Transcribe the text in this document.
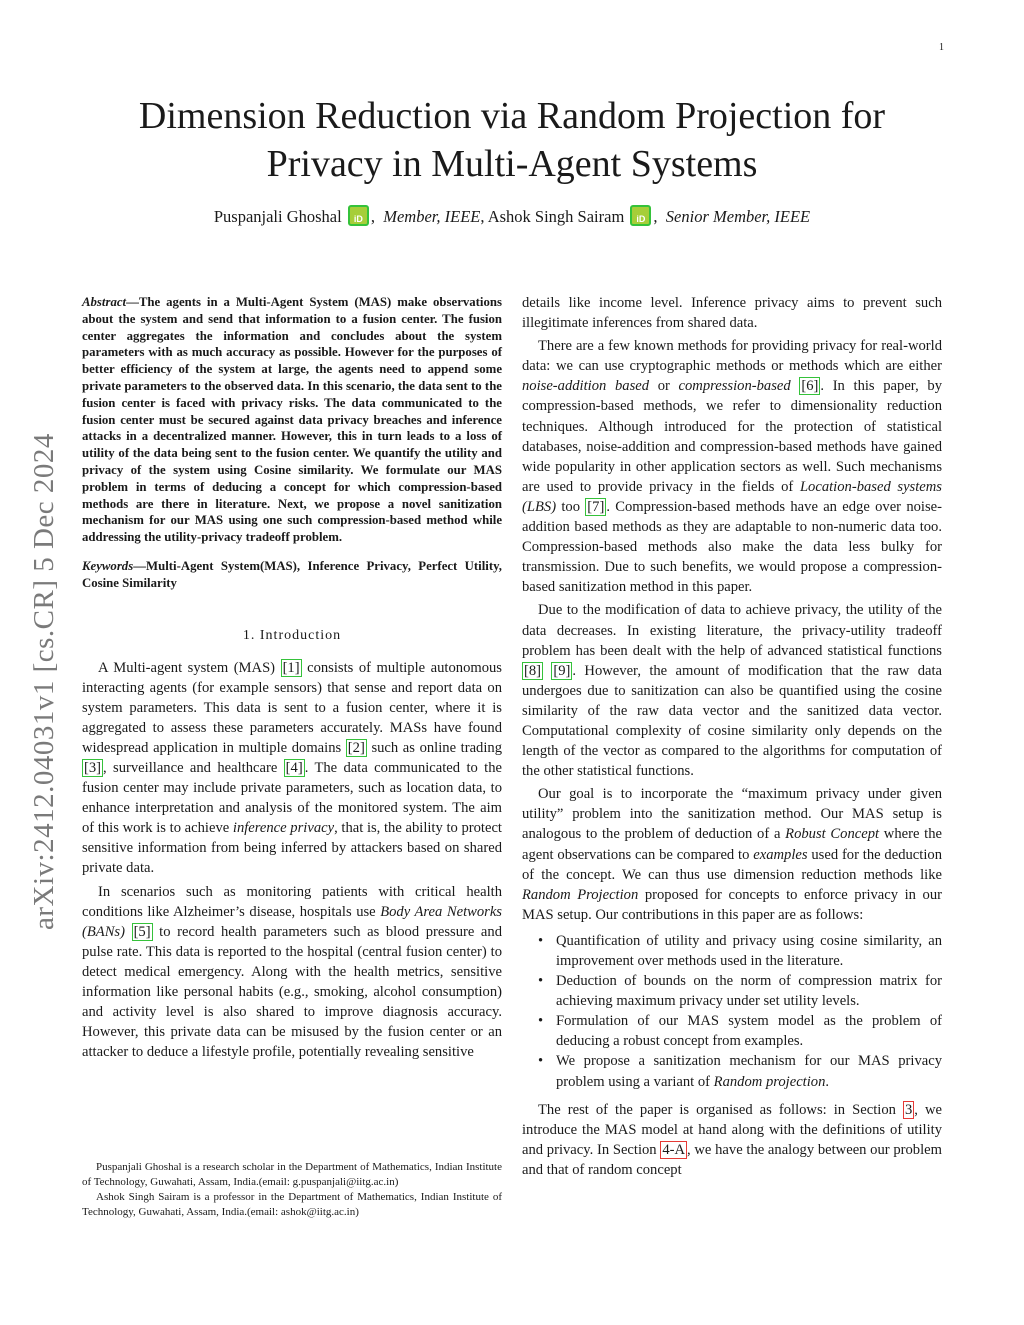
1
arXiv:2412.04031v1 [cs.CR] 5 Dec 2024
Dimension Reduction via Random Projection for Privacy in Multi-Agent Systems
Puspanjali Ghoshal iD ,  Member, IEEE, Ashok Singh Sairam iD ,  Senior Member, IEEE

Abstract—The agents in a Multi-Agent System (MAS) make observations about the system and send that information to a fusion center. The fusion center aggregates the information and concludes about the system parameters with as much accuracy as possible. However for the purposes of better efficiency of the system at large, the agents need to append some private parameters to the observed data. In this scenario, the data sent to the fusion center is faced with privacy risks. The data communicated to the fusion center must be secured against data privacy breaches and inference attacks in a decentralized manner. However, this in turn leads to a loss of utility of the data being sent to the fusion center. We quantify the utility and privacy of the system using Cosine similarity. We formulate our MAS problem in terms of deducing a concept for which compression-based methods are there in literature. Next, we propose a novel sanitization mechanism for our MAS using one such compression-based method while addressing the utility-privacy tradeoff problem.

Keywords—Multi-Agent System(MAS), Inference Privacy, Perfect Utility, Cosine Similarity

1. Introduction

A Multi-agent system (MAS) [1] consists of multiple autonomous interacting agents (for example sensors) that sense and report data on system parameters. This data is sent to a fusion center, where it is aggregated to assess these parameters accurately. MASs have found widespread application in multiple domains [2] such as online trading [3] , surveillance and healthcare [4] . The data communicated to the fusion center may include private parameters, such as location data, to enhance interpretation and analysis of the monitored system. The aim of this work is to achieve inference privacy, that is, the ability to protect sensitive information from being inferred by attackers based on shared private data.

In scenarios such as monitoring patients with critical health conditions like Alzheimer’s disease, hospitals use Body Area Networks (BANs) [5] to record health parameters such as blood pressure and pulse rate. This data is reported to the hospital (central fusion center) to detect medical emergency. Along with the health metrics, sensitive information like personal habits (e.g., smoking, alcohol consumption) and activity level is also shared to improve diagnosis accuracy. However, this private data can be misused by the fusion center or an attacker to deduce a lifestyle profile, potentially revealing sensitive

Puspanjali Ghoshal is a research scholar in the Department of Mathematics, Indian Institute of Technology, Guwahati, Assam, India.(email: g.puspanjali@iitg.ac.in)

Ashok Singh Sairam is a professor in the Department of Mathematics, Indian Institute of Technology, Guwahati, Assam, India.(email: ashok@iitg.ac.in)

details like income level. Inference privacy aims to prevent such illegitimate inferences from shared data.

There are a few known methods for providing privacy for real-world data: we can use cryptographic methods or methods which are either noise-addition based or compression-based [6] . In this paper, by compression-based methods, we refer to dimensionality reduction techniques. Although introduced for the protection of statistical databases, noise-addition and compression-based methods have gained wide popularity in other application sectors as well. Such mechanisms are used to provide privacy in the fields of Location-based systems (LBS) too [7] . Compression-based methods have an edge over noise-addition based methods as they are adaptable to non-numeric data too. Compression-based methods also make the data less bulky for transmission. Due to such benefits, we would propose a compression-based sanitization method in this paper.

Due to the modification of data to achieve privacy, the utility of the data decreases. In existing literature, the privacy-utility tradeoff problem has been dealt with the help of advanced statistical functions [8] [9] . However, the amount of modification that the raw data undergoes due to sanitization can also be quantified using the cosine similarity of the raw data vector and the sanitized data vector. Computational complexity of cosine similarity only depends on the length of the vector as compared to the algorithms for computation of the other statistical functions.

Our goal is to incorporate the “maximum privacy under given utility” problem into the sanitization method. Our MAS setup is analogous to the problem of deduction of a Robust Concept where the agent observations can be compared to examples used for the deduction of the concept. We can thus use dimension reduction methods like Random Projection proposed for concepts to enforce privacy in our MAS setup. Our contributions in this paper are as follows:

• Quantification of utility and privacy using cosine similarity, an improvement over methods used in the literature.
• Deduction of bounds on the norm of compression matrix for achieving maximum privacy under set utility levels.
• Formulation of our MAS system model as the problem of deducing a robust concept from examples.
• We propose a sanitization mechanism for our MAS privacy problem using a variant of Random projection.

The rest of the paper is organised as follows: in Section 3 , we introduce the MAS model at hand along with the definitions of utility and privacy. In Section 4-A , we have the analogy between our problem and that of random concept
